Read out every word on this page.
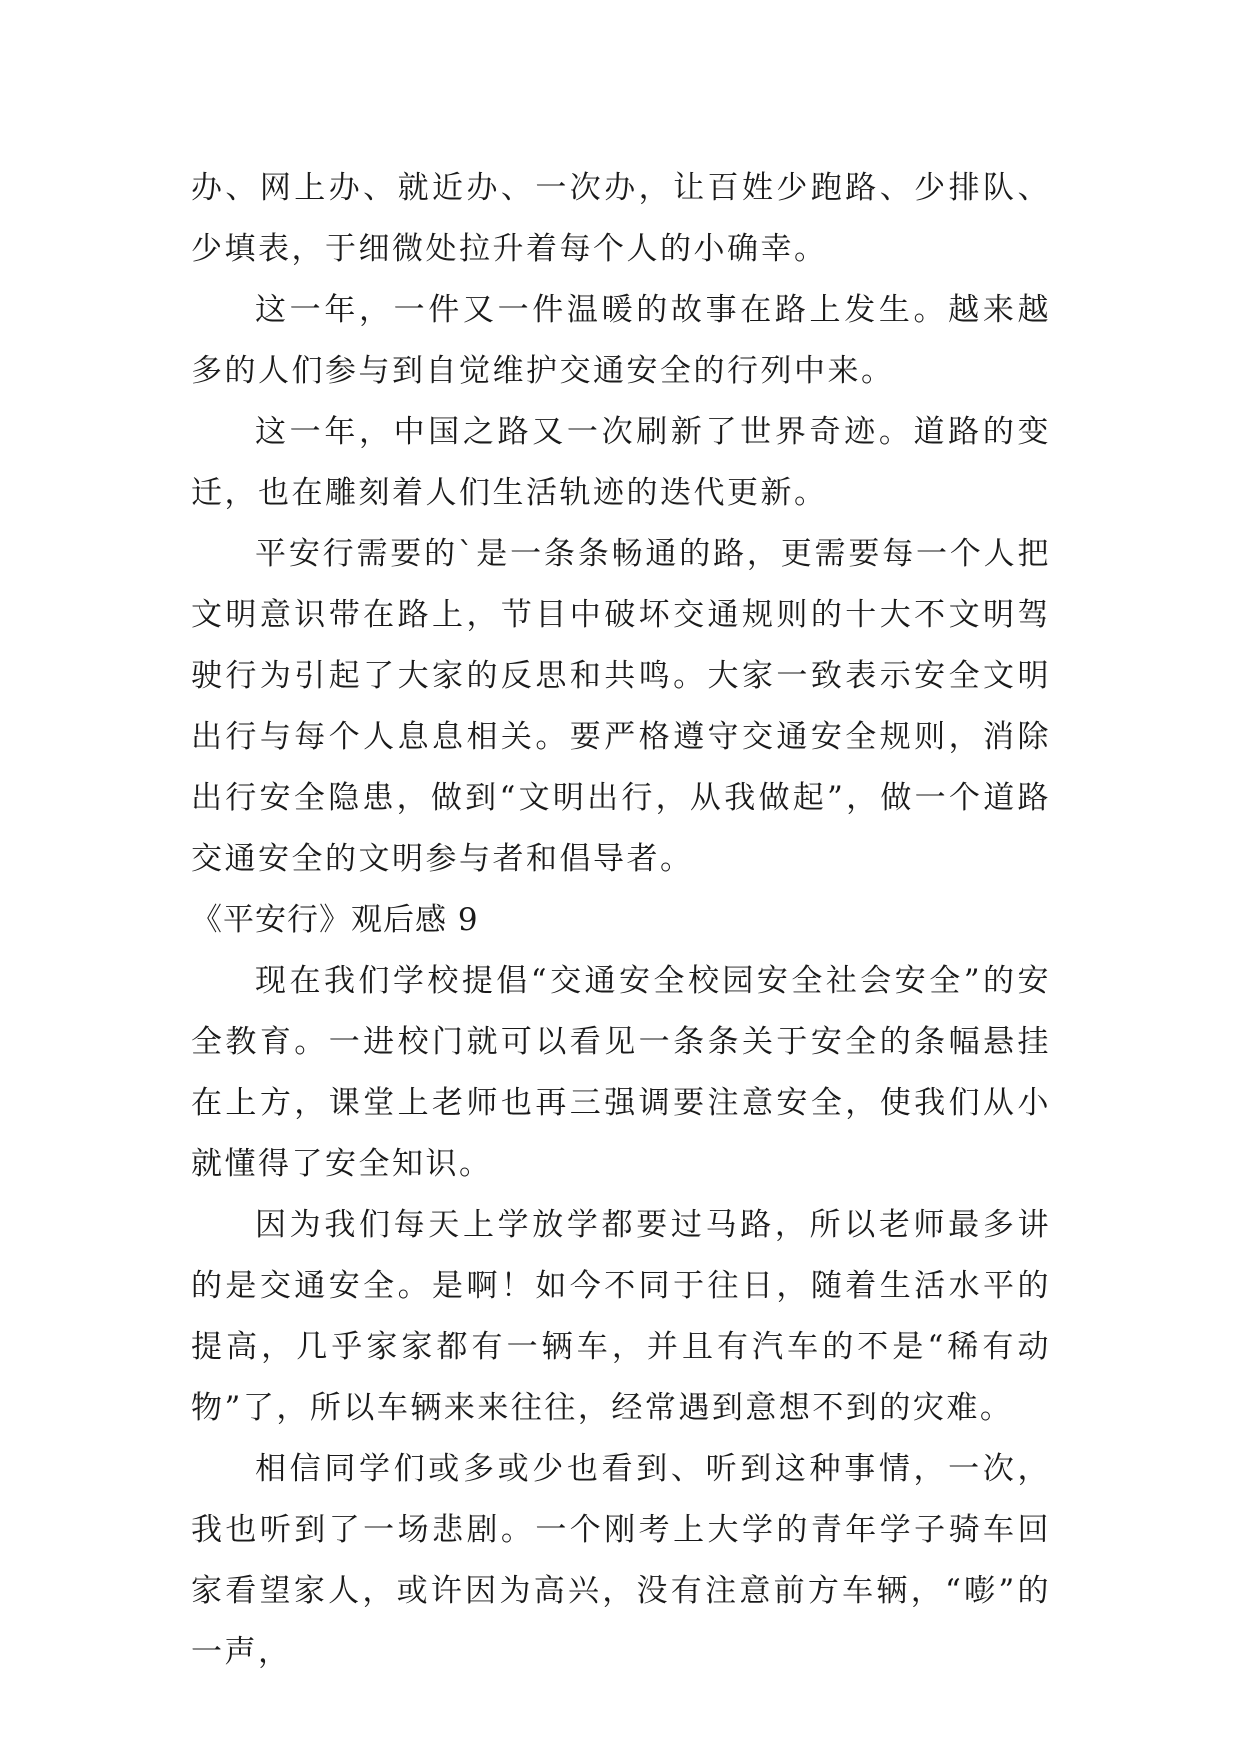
办、网上办、就近办、一次办，让百姓少跑路、少排队、少填表，于细微处拉升着每个人的小确幸。

这一年，一件又一件温暖的故事在路上发生。越来越多的人们参与到自觉维护交通安全的行列中来。

这一年，中国之路又一次刷新了世界奇迹。道路的变迁，也在雕刻着人们生活轨迹的迭代更新。

平安行需要的`是一条条畅通的路，更需要每一个人把文明意识带在路上，节目中破坏交通规则的十大不文明驾驶行为引起了大家的反思和共鸣。大家一致表示安全文明出行与每个人息息相关。要严格遵守交通安全规则，消除出行安全隐患，做到“文明出行，从我做起”，做一个道路交通安全的文明参与者和倡导者。

《平安行》观后感 9

现在我们学校提倡“交通安全校园安全社会安全”的安全教育。一进校门就可以看见一条条关于安全的条幅悬挂在上方，课堂上老师也再三强调要注意安全，使我们从小就懂得了安全知识。

因为我们每天上学放学都要过马路，所以老师最多讲的是交通安全。是啊！如今不同于往日，随着生活水平的提高，几乎家家都有一辆车，并且有汽车的不是“稀有动物”了，所以车辆来来往往，经常遇到意想不到的灾难。

相信同学们或多或少也看到、听到这种事情，一次，我也听到了一场悲剧。一个刚考上大学的青年学子骑车回家看望家人，或许因为高兴，没有注意前方车辆，“嘭”的一声，
